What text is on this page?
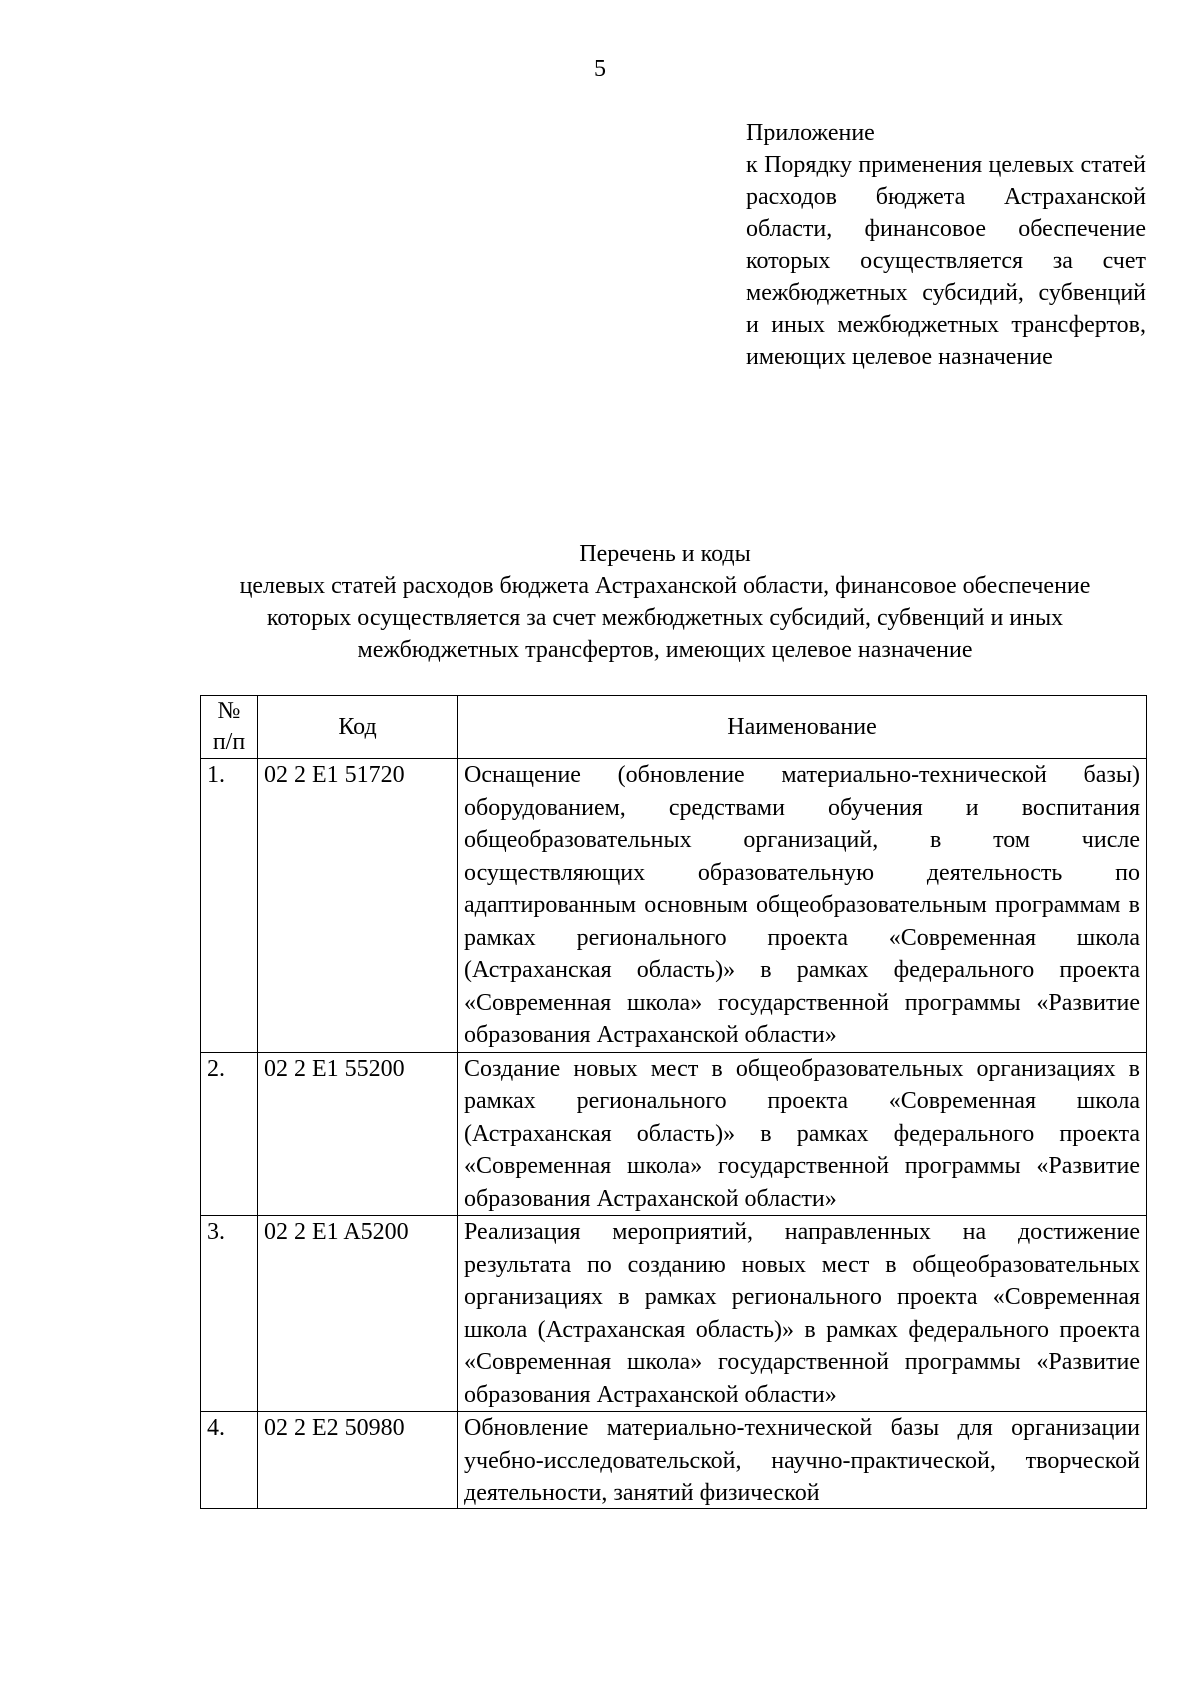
5
Приложение
к Порядку применения целевых статей расходов бюджета Астраханской области, финансовое обеспечение которых осуществляется за счет межбюджетных субсидий, субвенций и иных межбюджетных трансфертов, имеющих целевое назначение
Перечень и коды
целевых статей расходов бюджета Астраханской области, финансовое обеспечение которых осуществляется за счет межбюджетных субсидий, субвенций и иных межбюджетных трансфертов, имеющих целевое назначение
№ п/п	Код	Наименование
1.	02 2 E1 51720	Оснащение (обновление материально-технической базы) оборудованием, средствами обучения и воспитания общеобразовательных организаций, в том числе осуществляющих образовательную деятельность по адаптированным основным общеобразовательным программам в рамках регионального проекта «Современная школа (Астраханская область)» в рамках федерального проекта «Современная школа» государственной программы «Развитие образования Астраханской области»
2.	02 2 E1 55200	Создание новых мест в общеобразовательных организациях в рамках регионального проекта «Современная школа (Астраханская область)» в рамках федерального проекта «Современная школа» государственной программы «Развитие образования Астраханской области»
3.	02 2 E1 A5200	Реализация мероприятий, направленных на достижение результата по созданию новых мест в общеобразовательных организациях в рамках регионального проекта «Современная школа (Астраханская область)» в рамках федерального проекта «Современная школа» государственной программы «Развитие образования Астраханской области»
4.	02 2 E2 50980	Обновление материально-технической базы для организации учебно-исследовательской, научно-практической, творческой деятельности, занятий физической
